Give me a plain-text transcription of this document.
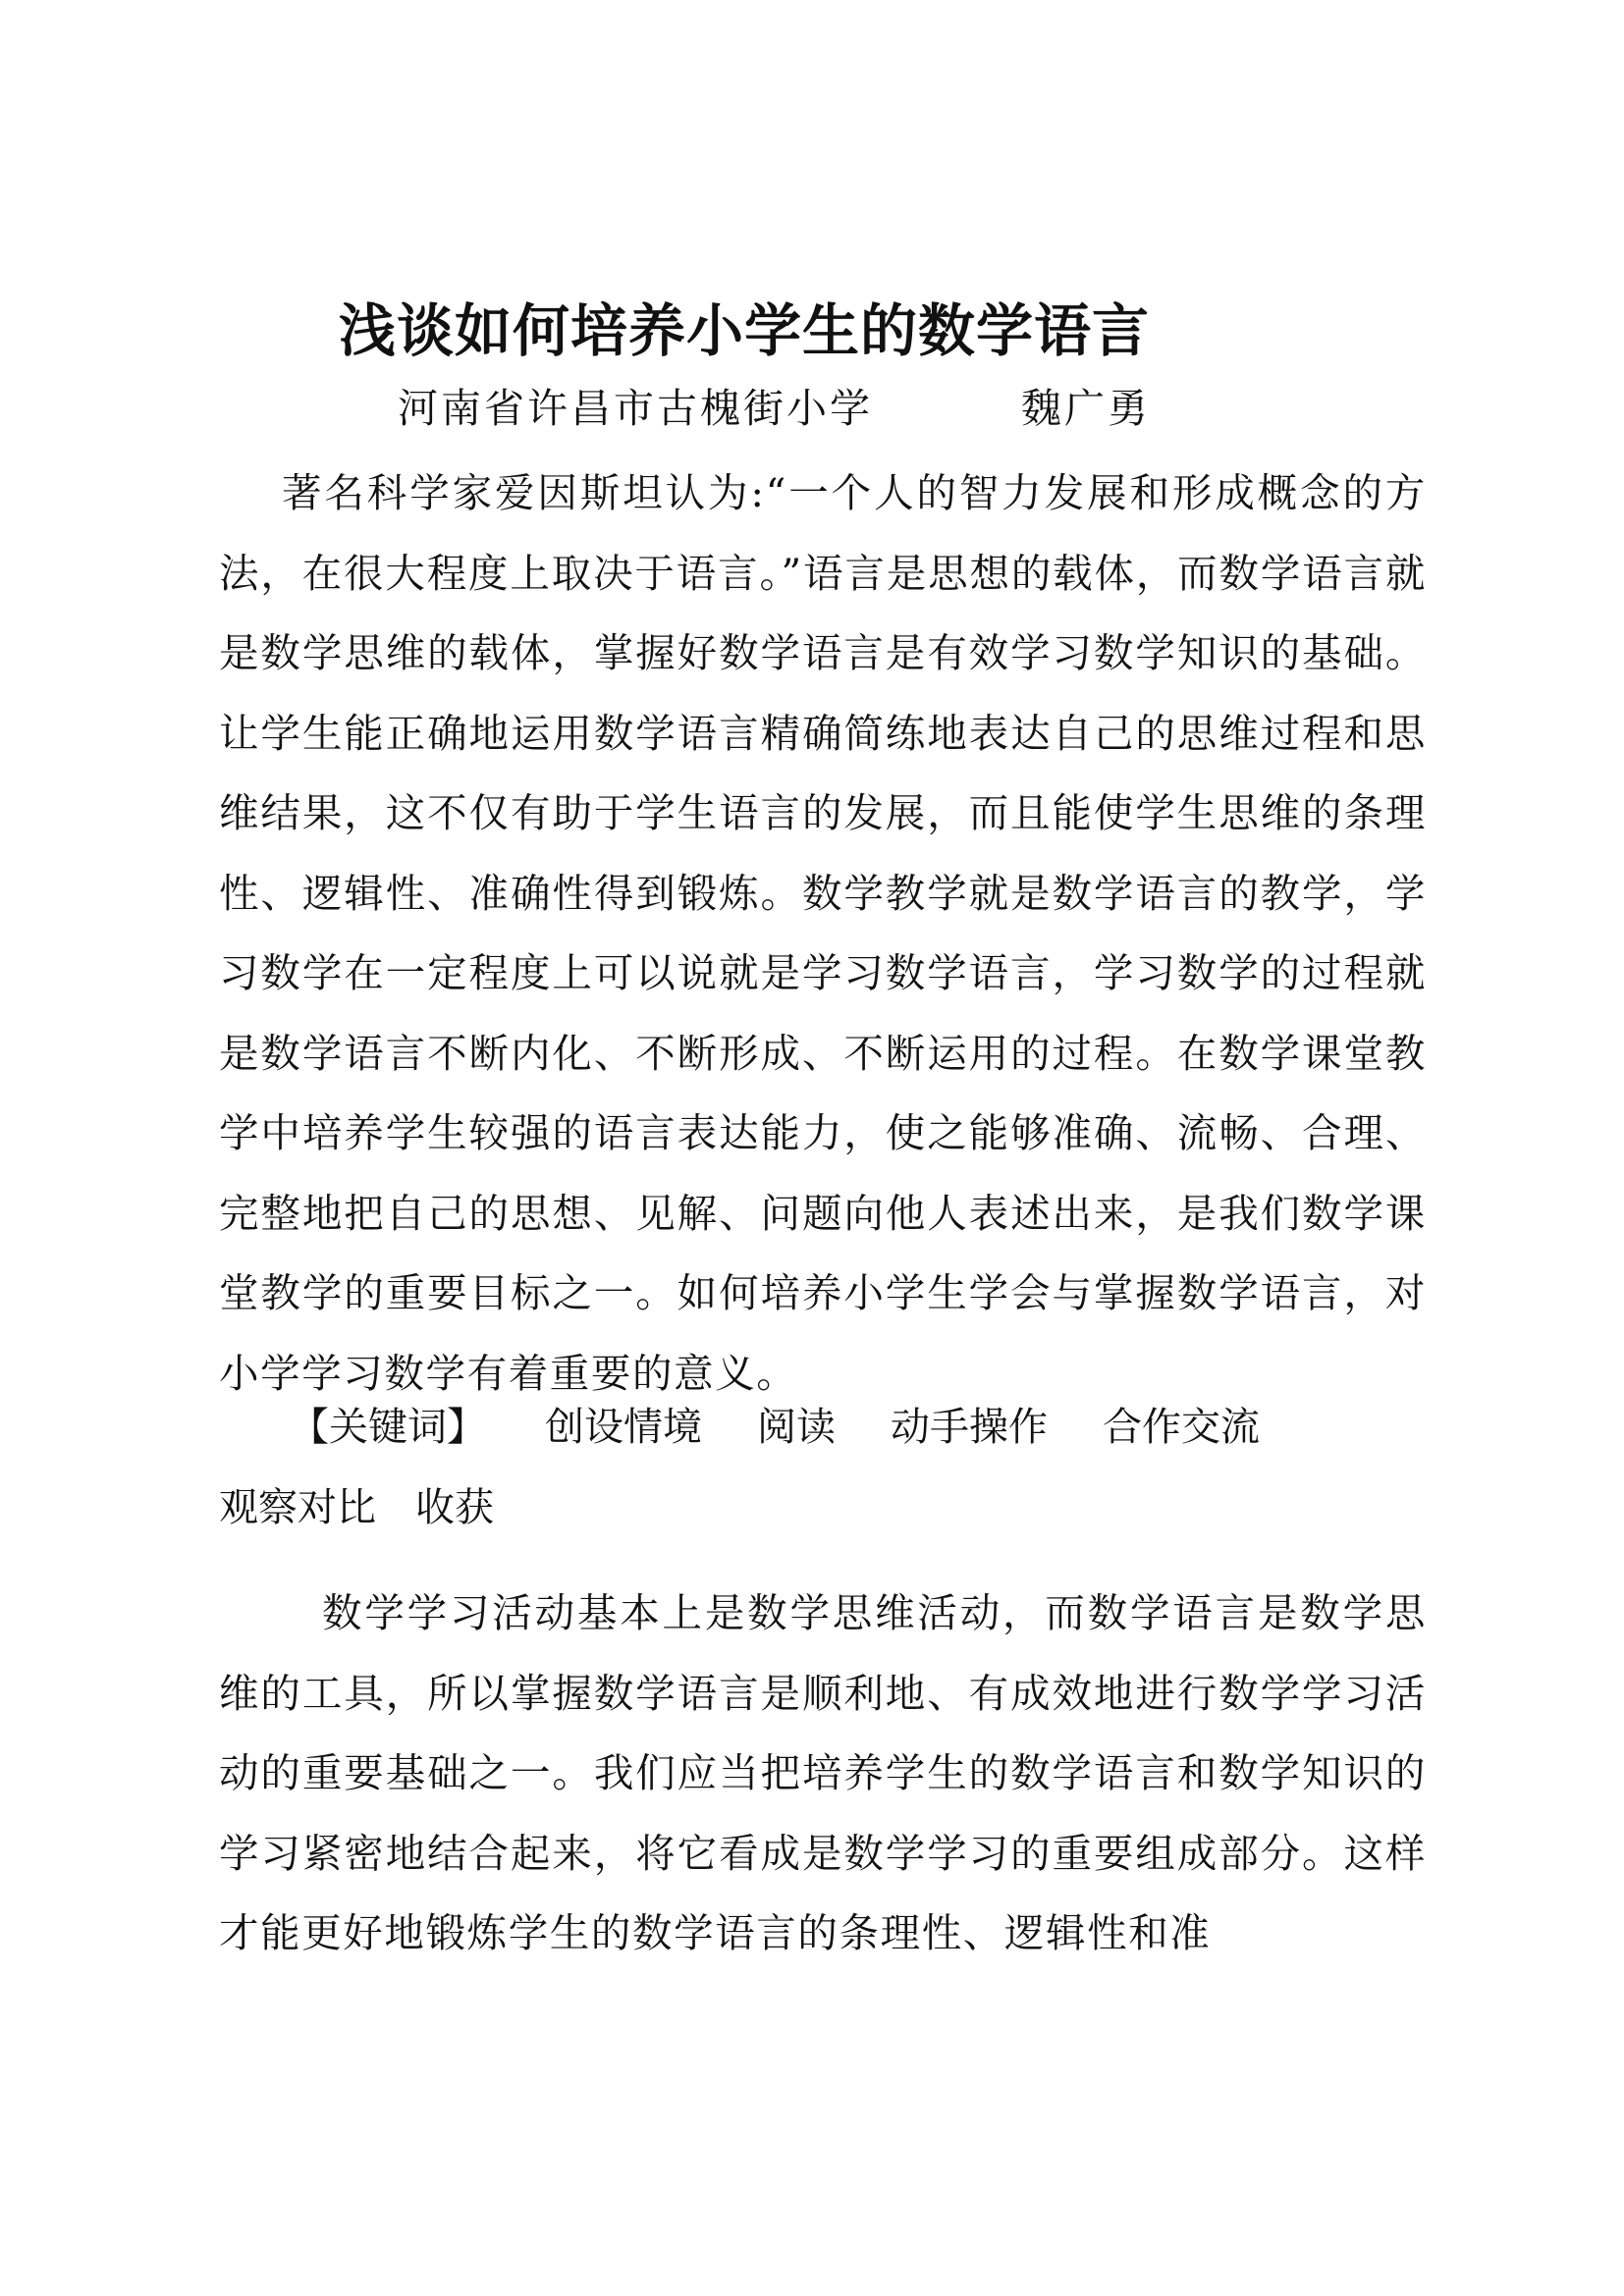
浅谈如何培养小学生的数学语言
河南省许昌市古槐街小学	魏广勇

著名科学家爱因斯坦认为:“一个人的智力发展和形成概念的方法，在很大程度上取决于语言。”语言是思想的载体，而数学语言就是数学思维的载体，掌握好数学语言是有效学习数学知识的基础。让学生能正确地运用数学语言精确简练地表达自己的思维过程和思维结果，这不仅有助于学生语言的发展，而且能使学生思维的条理性、逻辑性、准确性得到锻炼。数学教学就是数学语言的教学，学习数学在一定程度上可以说就是学习数学语言，学习数学的过程就是数学语言不断内化、不断形成、不断运用的过程。在数学课堂教学中培养学生较强的语言表达能力，使之能够准确、流畅、合理、完整地把自己的思想、见解、问题向他人表述出来，是我们数学课堂教学的重要目标之一。如何培养小学生学会与掌握数学语言，对小学学习数学有着重要的意义。

【关键词】 创设情境 阅读 动手操作 合作交流
观察对比 收获

数学学习活动基本上是数学思维活动，而数学语言是数学思维的工具，所以掌握数学语言是顺利地、有成效地进行数学学习活动的重要基础之一。我们应当把培养学生的数学语言和数学知识的学习紧密地结合起来，将它看成是数学学习的重要组成部分。这样才能更好地锻炼学生的数学语言的条理性、逻辑性和准
